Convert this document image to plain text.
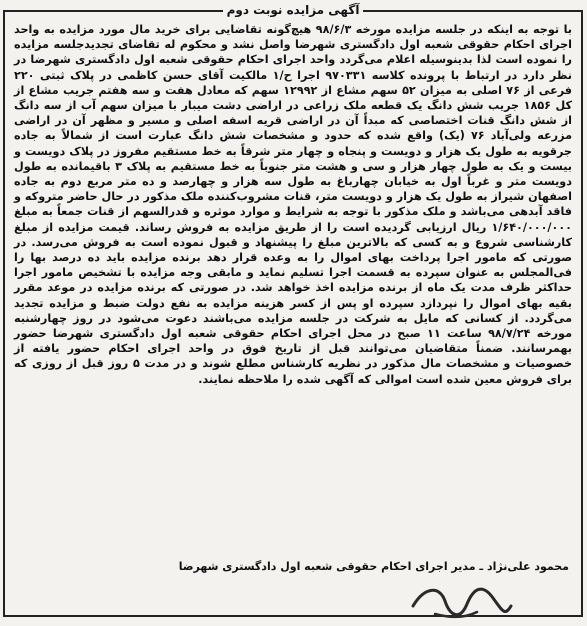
آگهی مزایده نوبت دوم

با توجه به اینکه در جلسه مزایده مورخه ۹۸/۶/۳ هیچ‌گونه تقاضایی برای خرید مال مورد مزایده به واحد اجرای احکام حقوقی شعبه اول دادگستری شهرضا واصل نشد و محکوم له تقاضای تجدیدجلسه مزایده را نموده است لذا بدینوسیله اعلام می‌گردد واحد اجرای احکام حقوقی شعبه اول دادگستری شهرضا در نظر دارد در ارتباط با پرونده کلاسه ۹۷۰۳۳۱ اجرا ح/۱ مالکیت آقای حسن کاظمی در پلاک ثبتی ۲۲۰ فرعی از ۷۶ اصلی به میزان ۵۲ سهم مشاع از ۱۲۹۹۲ سهم که معادل هفت و سه هفتم جریب مشاع از کل ۱۸۵۶ جریب شش دانگ یک قطعه ملک زراعی در اراضی دشت میبار با میزان سهم آب از سه دانگ از شش دانگ قنات اختصاصی که مبداً آن در اراضی قریه اسفه اصلی و مسیر و مظهر آن در اراضی مزرعه ولی‌آباد ۷۶ (یک) واقع شده که حدود و مشخصات شش دانگ عبارت است از شمالاً به جاده جرقویه به طول یک هزار و دویست و پنجاه و چهار متر شرقاً به خط مستقیم مفروز در پلاک دویست و بیست و یک به طول چهار هزار و سی و هشت متر جنوباً به خط مستقیم به پلاک ۳ باقیمانده به طول دویست متر و غرباً اول به خیابان چهارباغ به طول سه هزار و چهارصد و ده متر مربع دوم به جاده اصفهان شیراز به طول یک هزار و دویست متر، قنات مشروب‌کننده ملک مذکور در حال حاضر متروکه و فاقد آبدهی می‌باشد و ملک مذکور با توجه به شرایط و موارد موثره و قدرالسهم از قنات جمعاً به مبلغ ۱/۶۴۰/۰۰۰/۰۰۰ ریال ارزیابی گردیده است را از طریق مزایده به فروش رساند. قیمت مزایده از مبلغ کارشناسی شروع و به کسی که بالاترین مبلغ را پیشنهاد و قبول نموده است به فروش می‌رسد. در صورتی که مامور اجرا پرداخت بهای اموال را به وعده قرار دهد برنده مزایده باید ده درصد بها را فی‌المجلس به عنوان سپرده به قسمت اجرا تسلیم نماید و مابقی وجه مزایده با تشخیص مامور اجرا حداکثر ظرف مدت یک ماه از برنده مزایده اخذ خواهد شد. در صورتی که برنده مزایده در موعد مقرر بقیه بهای اموال را نپردازد سپرده او پس از کسر هزینه مزایده به نفع دولت ضبط و مزایده تجدید می‌گردد. از کسانی که مایل به شرکت در جلسه مزایده می‌باشند دعوت می‌شود در روز چهارشنبه مورخه ۹۸/۷/۲۴ ساعت ۱۱ صبح در محل اجرای احکام حقوقی شعبه اول دادگستری شهرضا حضور بهمرسانند. ضمناً متقاضیان می‌توانند قبل از تاریخ فوق در واحد اجرای احکام حضور یافته از خصوصیات و مشخصات مال مذکور در نظریه کارشناس مطلع شوند و در مدت ۵ روز قبل از روزی که برای فروش معین شده است اموالی که آگهی شده را ملاحظه نمایند.

محمود علی‌نژاد ـ مدیر اجرای احکام حقوقی شعبه اول دادگستری شهرضا
